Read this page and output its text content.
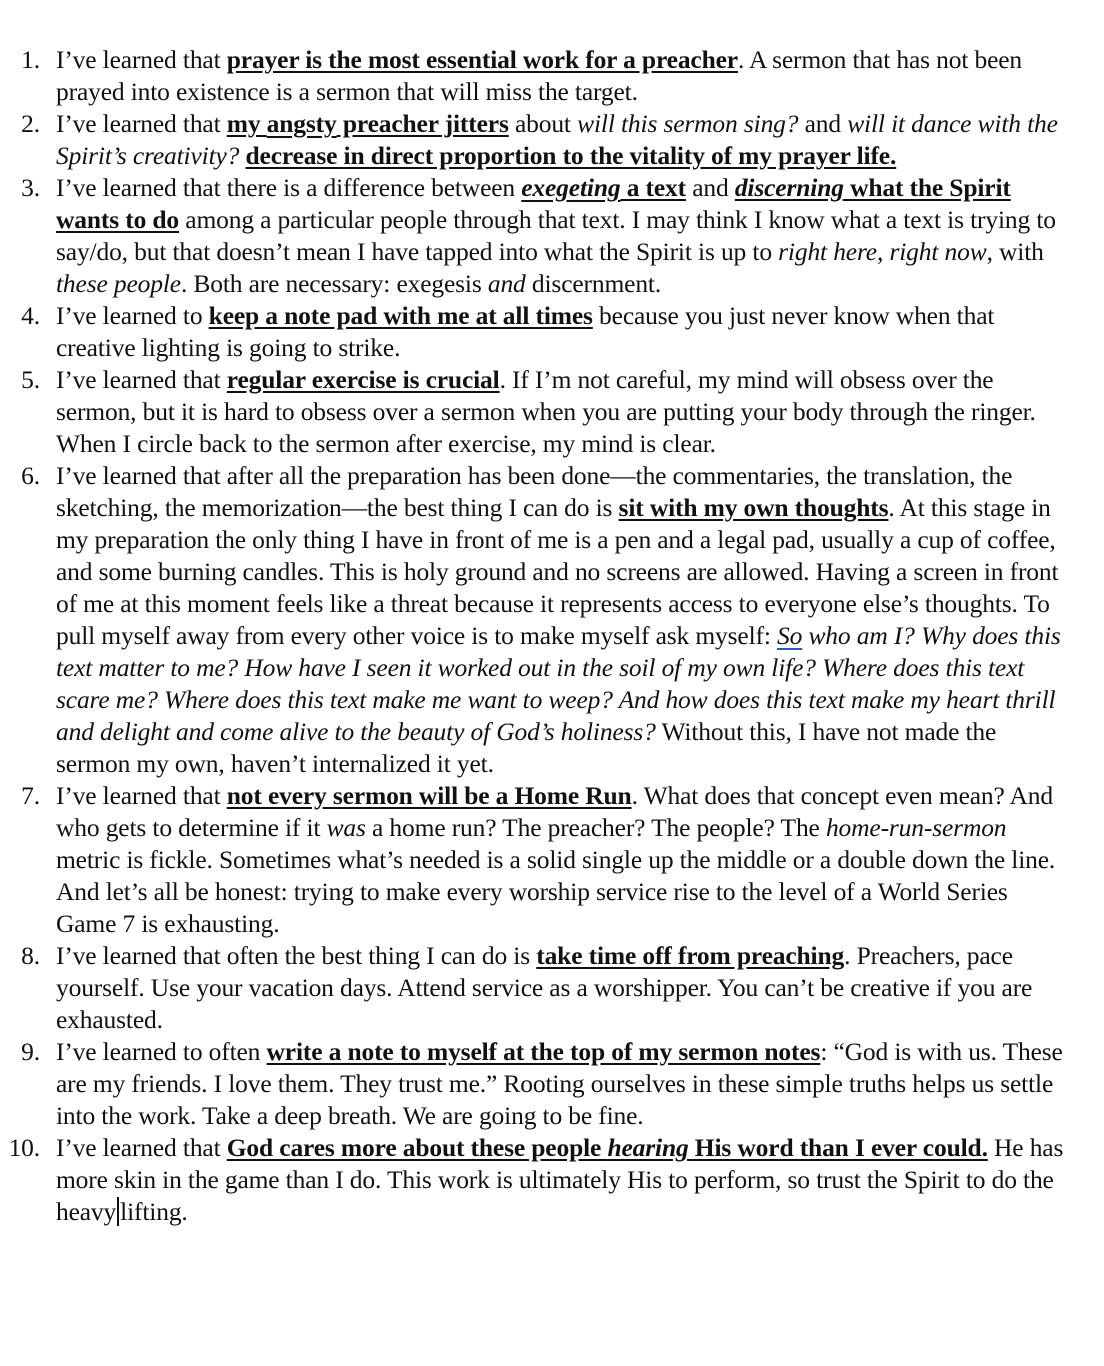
1. I’ve learned that prayer is the most essential work for a preacher. A sermon that has not been prayed into existence is a sermon that will miss the target.
2. I’ve learned that my angsty preacher jitters about will this sermon sing? and will it dance with the Spirit’s creativity? decrease in direct proportion to the vitality of my prayer life.
3. I’ve learned that there is a difference between exegeting a text and discerning what the Spirit wants to do among a particular people through that text. I may think I know what a text is trying to say/do, but that doesn’t mean I have tapped into what the Spirit is up to right here, right now, with these people. Both are necessary: exegesis and discernment.
4. I’ve learned to keep a note pad with me at all times because you just never know when that creative lighting is going to strike.
5. I’ve learned that regular exercise is crucial. If I’m not careful, my mind will obsess over the sermon, but it is hard to obsess over a sermon when you are putting your body through the ringer. When I circle back to the sermon after exercise, my mind is clear.
6. I’ve learned that after all the preparation has been done—the commentaries, the translation, the sketching, the memorization—the best thing I can do is sit with my own thoughts. At this stage in my preparation the only thing I have in front of me is a pen and a legal pad, usually a cup of coffee, and some burning candles. This is holy ground and no screens are allowed. Having a screen in front of me at this moment feels like a threat because it represents access to everyone else’s thoughts. To pull myself away from every other voice is to make myself ask myself: So who am I? Why does this text matter to me? How have I seen it worked out in the soil of my own life? Where does this text scare me? Where does this text make me want to weep? And how does this text make my heart thrill and delight and come alive to the beauty of God’s holiness? Without this, I have not made the sermon my own, haven’t internalized it yet.
7. I’ve learned that not every sermon will be a Home Run. What does that concept even mean? And who gets to determine if it was a home run? The preacher? The people? The home-run-sermon metric is fickle. Sometimes what’s needed is a solid single up the middle or a double down the line. And let’s all be honest: trying to make every worship service rise to the level of a World Series Game 7 is exhausting.
8. I’ve learned that often the best thing I can do is take time off from preaching. Preachers, pace yourself. Use your vacation days. Attend service as a worshipper. You can’t be creative if you are exhausted.
9. I’ve learned to often write a note to myself at the top of my sermon notes: “God is with us. These are my friends. I love them. They trust me.” Rooting ourselves in these simple truths helps us settle into the work. Take a deep breath. We are going to be fine.
10. I’ve learned that God cares more about these people hearing His word than I ever could. He has more skin in the game than I do. This work is ultimately His to perform, so trust the Spirit to do the heavy lifting.
